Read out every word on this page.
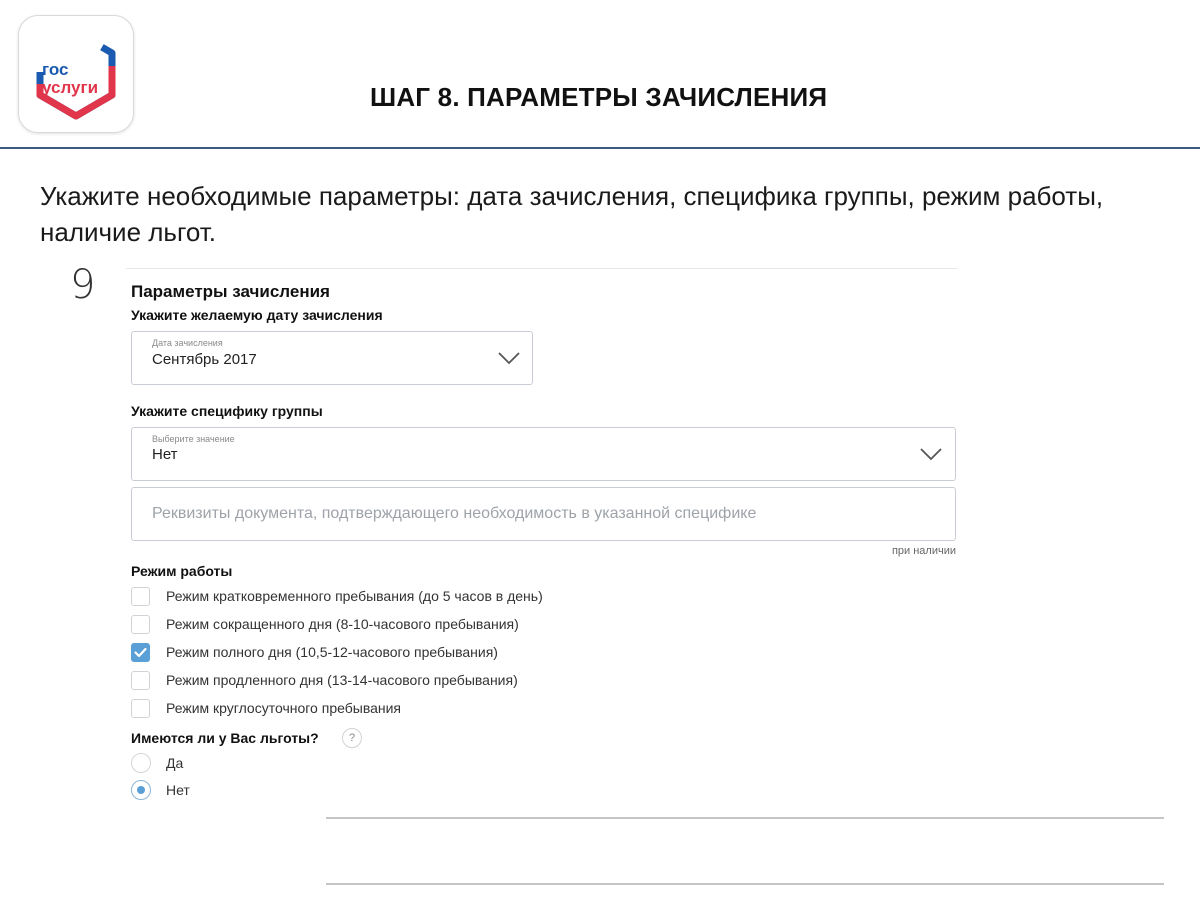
гос
услуги	ШАГ 8. ПАРАМЕТРЫ ЗАЧИСЛЕНИЯ
Укажите необходимые параметры: дата зачисления, специфика группы, режим работы, наличие льгот.
9 Параметры зачисления
Укажите желаемую дату зачисления
Дата зачисления
Сентябрь 2017
Укажите специфику группы
Выберите значение
Нет
Реквизиты документа, подтверждающего необходимость в указанной специфике
при наличии
Режим работы
Режим кратковременного пребывания (до 5 часов в день)
Режим сокращенного дня (8-10-часового пребывания)
Режим полного дня (10,5-12-часового пребывания)
Режим продленного дня (13-14-часового пребывания)
Режим круглосуточного пребывания
Имеются ли у Вас льготы?	?
Да
Нет
